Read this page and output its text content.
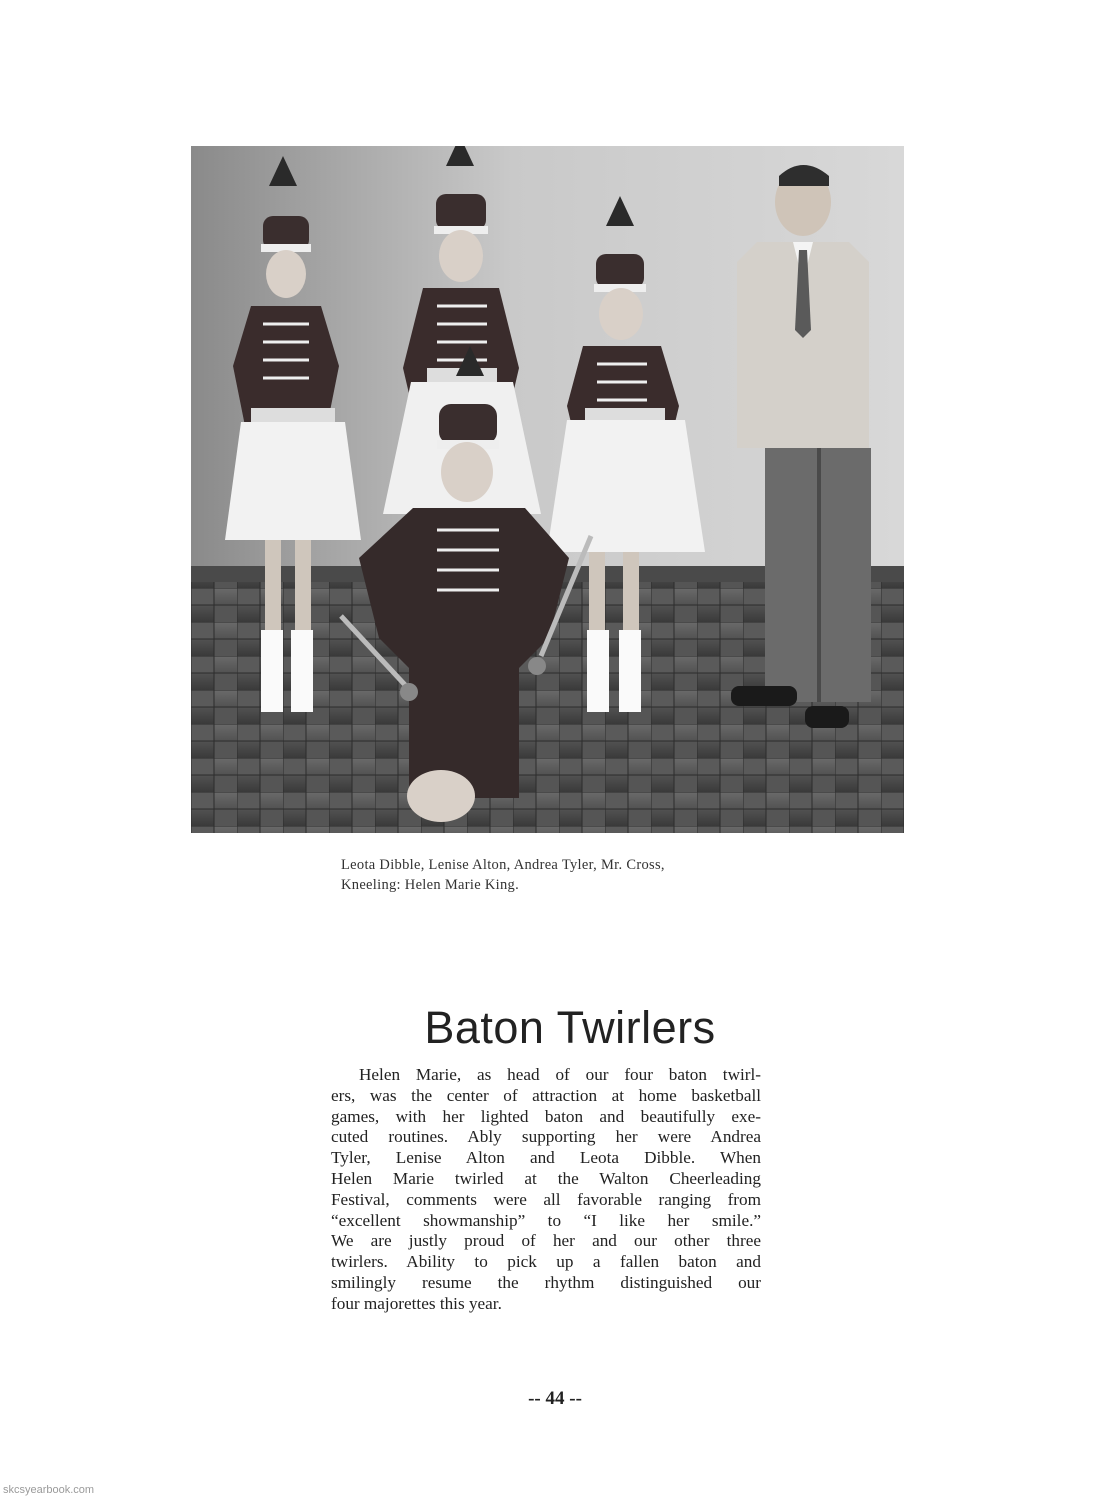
Leota Dibble, Lenise Alton, Andrea Tyler, Mr. Cross,
Kneeling: Helen Marie King.
Baton Twirlers
Helen Marie, as head of our four baton twirl-
ers, was the center of attraction at home basketball
games, with her lighted baton and beautifully exe-
cuted routines. Ably supporting her were Andrea
Tyler, Lenise Alton and Leota Dibble. When
Helen Marie twirled at the Walton Cheerleading
Festival, comments were all favorable ranging from
“excellent showmanship” to “I like her smile.”
We are justly proud of her and our other three
twirlers. Ability to pick up a fallen baton and
smilingly resume the rhythm distinguished our
four majorettes this year.
-- 44 --
skcsyearbook.com
